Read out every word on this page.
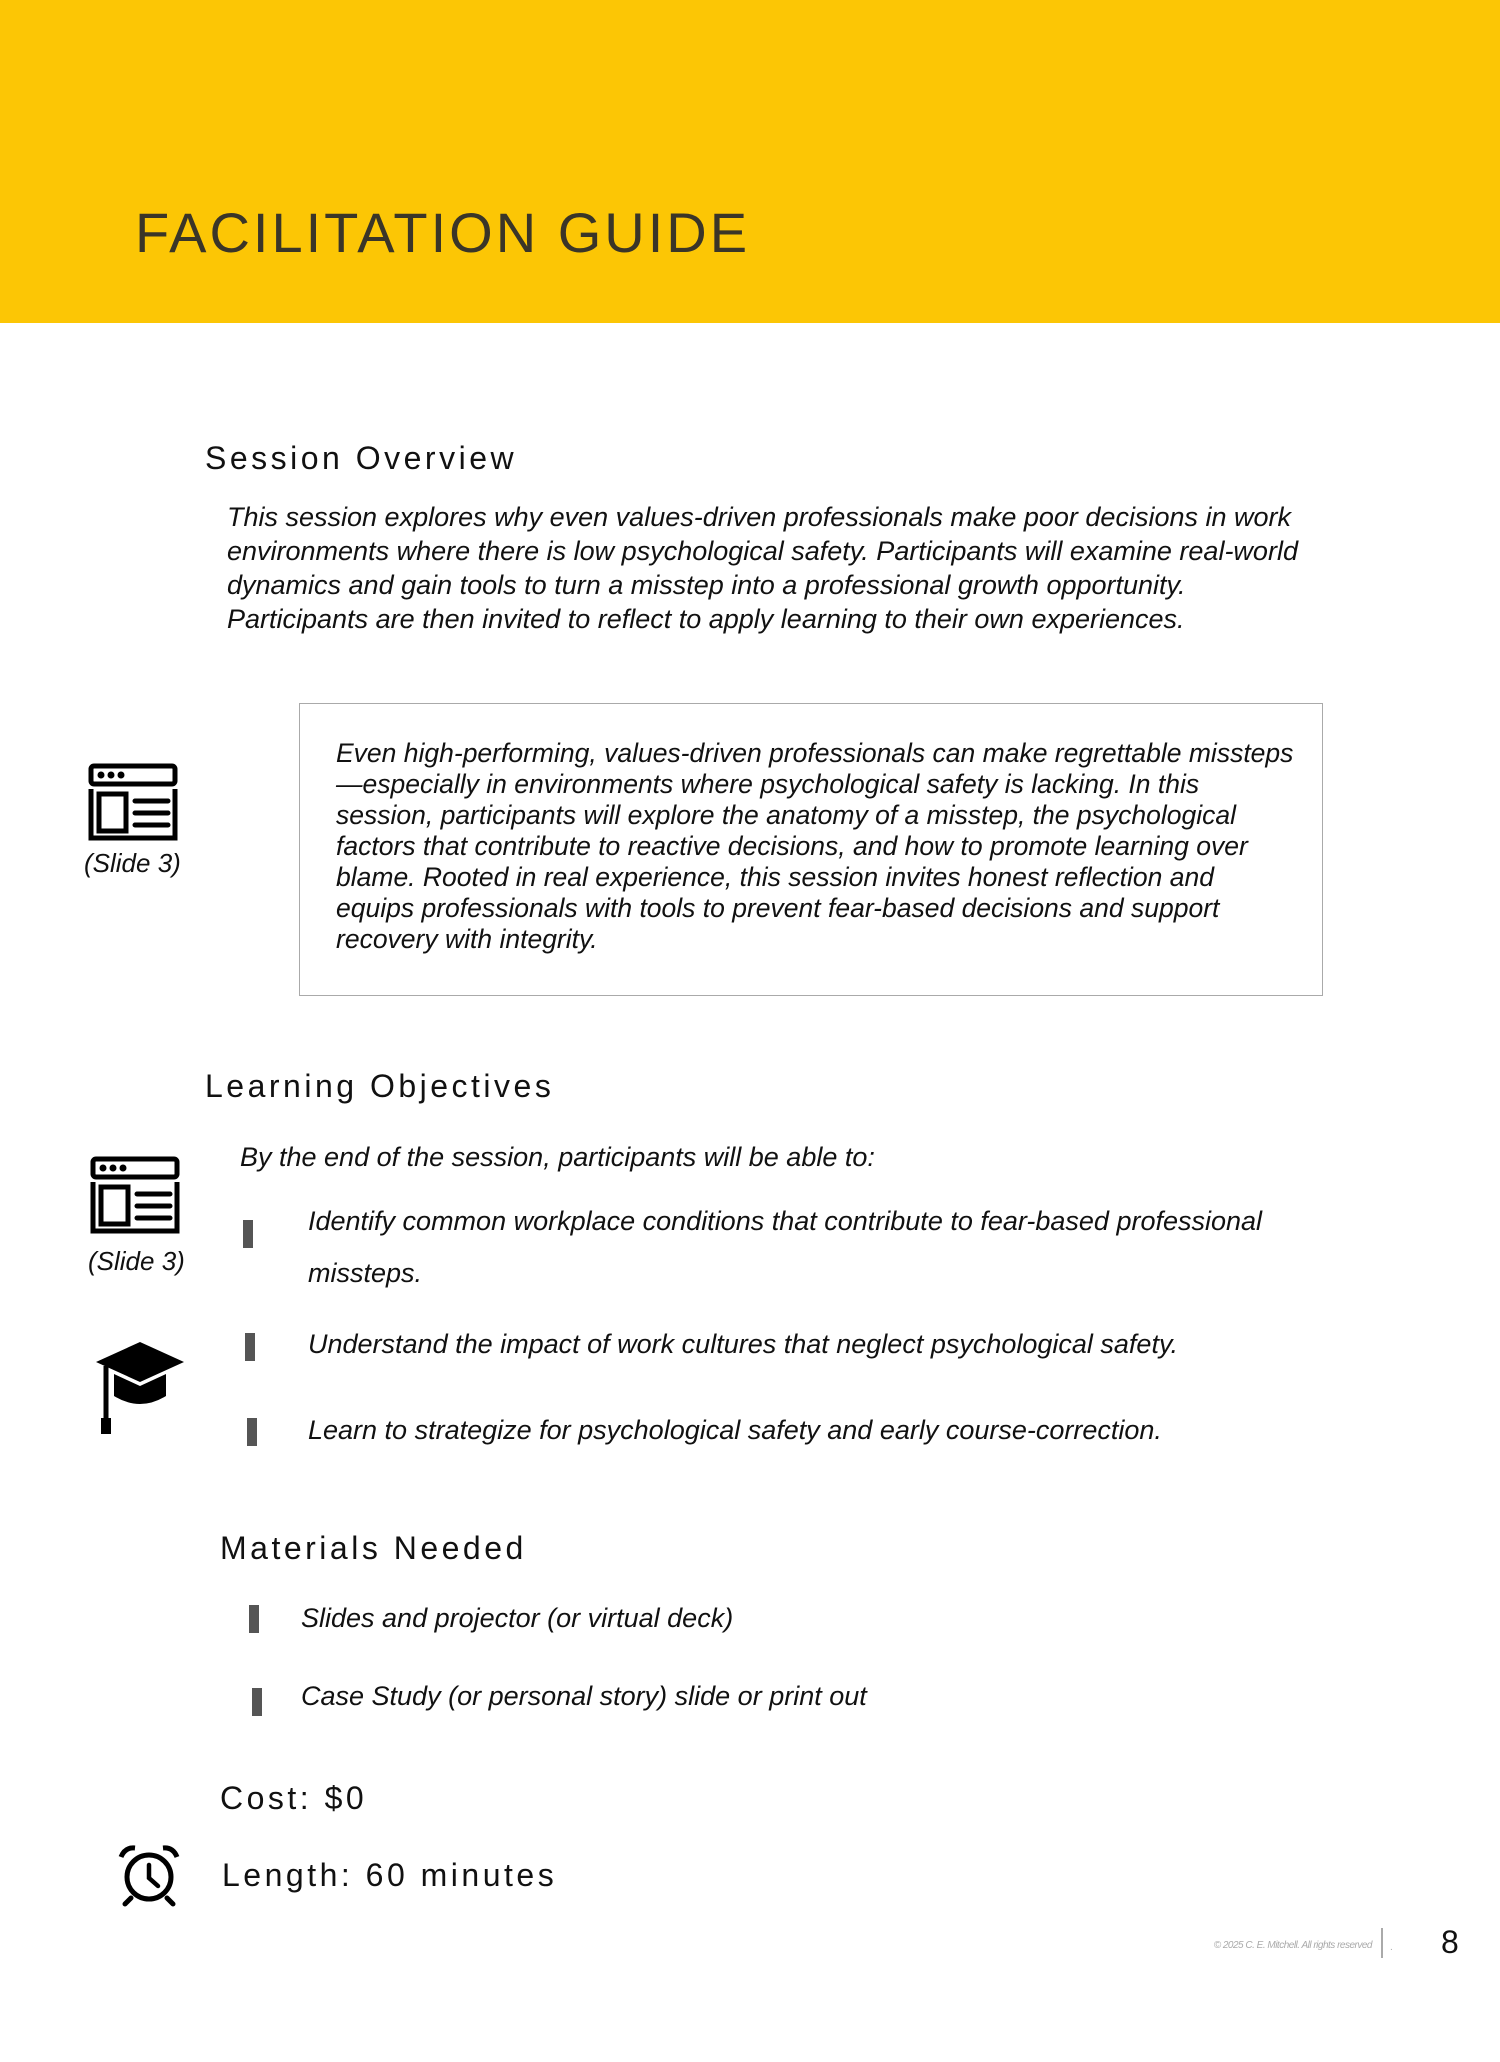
FACILITATION GUIDE
Session Overview
This session explores why even values-driven professionals make poor decisions in work environments where there is low psychological safety. Participants will examine real-world dynamics and gain tools to turn a misstep into a professional growth opportunity. Participants are then invited to reflect to apply learning to their own experiences.
(Slide 3)
Even high-performing, values-driven professionals can make regrettable missteps—especially in environments where psychological safety is lacking. In this session, participants will explore the anatomy of a misstep, the psychological factors that contribute to reactive decisions, and how to promote learning over blame. Rooted in real experience, this session invites honest reflection and equips professionals with tools to prevent fear-based decisions and support recovery with integrity.
Learning Objectives
By the end of the session, participants will be able to:
(Slide 3)
Identify common workplace conditions that contribute to fear-based professional missteps.
Understand the impact of work cultures that neglect psychological safety.
Learn to strategize for psychological safety and early course-correction.
Materials Needed
Slides and projector (or virtual deck)
Case Study (or personal story) slide or print out
Cost: $0
Length: 60 minutes
© 2025 C. E. Mitchell. All rights reserved . 8
